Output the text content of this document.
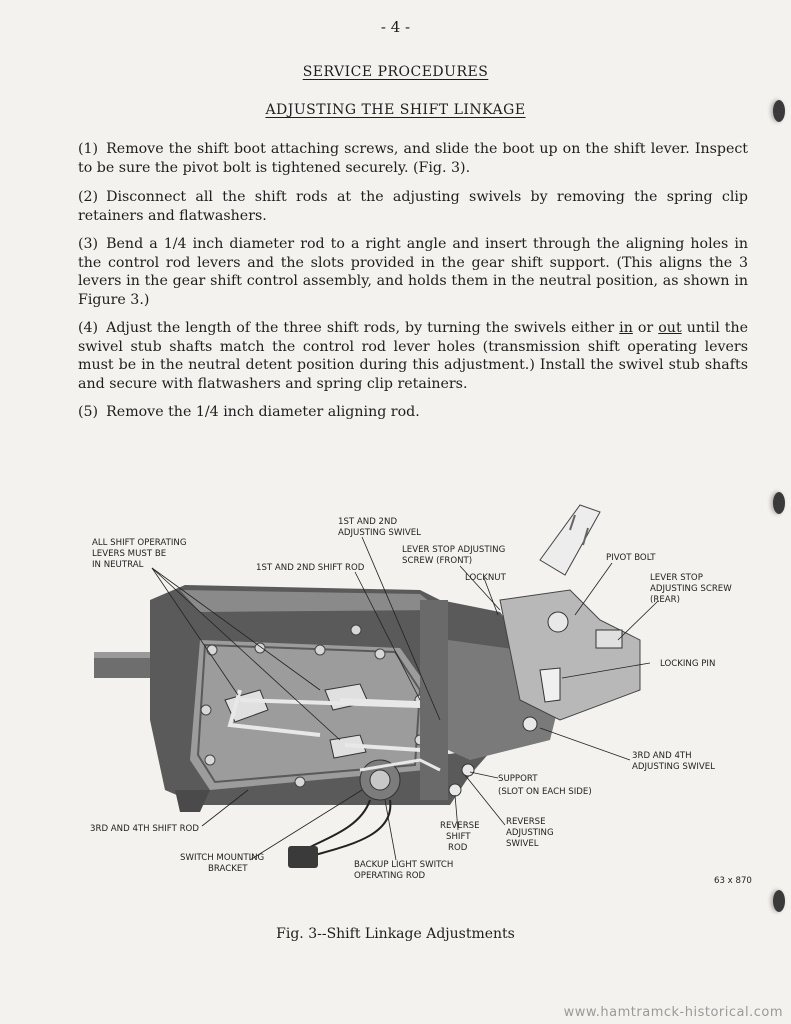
- 4 -
SERVICE PROCEDURES
ADJUSTING THE SHIFT LINKAGE
(1) Remove the shift boot attaching screws, and slide the boot up on the shift lever. Inspect to be sure the pivot bolt is tightened securely. (Fig. 3).
(2) Disconnect all the shift rods at the adjusting swivels by removing the spring clip retainers and flatwashers.
(3) Bend a 1/4 inch diameter rod to a right angle and insert through the aligning holes in the control rod levers and the slots provided in the gear shift support. (This aligns the 3 levers in the gear shift control assembly, and holds them in the neutral position, as shown in Figure 3.)
(4) Adjust the length of the three shift rods, by turning the swivels either in or out until the swivel stub shafts match the control rod lever holes (transmission shift operating levers must be in the neutral detent position during this adjustment.) Install the swivel stub shafts and secure with flatwashers and spring clip retainers.
(5) Remove the 1/4 inch diameter aligning rod.
ALL SHIFT OPERATING
LEVERS MUST BE
IN NEUTRAL
1ST AND 2ND
ADJUSTING SWIVEL
LEVER STOP ADJUSTING
SCREW (FRONT)
1ST AND 2ND SHIFT ROD
LOCKNUT
PIVOT BOLT
LEVER STOP
ADJUSTING SCREW
(REAR)
LOCKING PIN
3RD AND 4TH
ADJUSTING SWIVEL
SUPPORT
(SLOT ON EACH SIDE)
3RD AND 4TH SHIFT ROD	REVERSE
SHIFT
ROD
REVERSE
ADJUSTING
SWIVEL
SWITCH MOUNTING
BRACKET	BACKUP LIGHT SWITCH
OPERATING ROD	63 x 870
Fig. 3--Shift Linkage Adjustments
www.hamtramck-historical.com
